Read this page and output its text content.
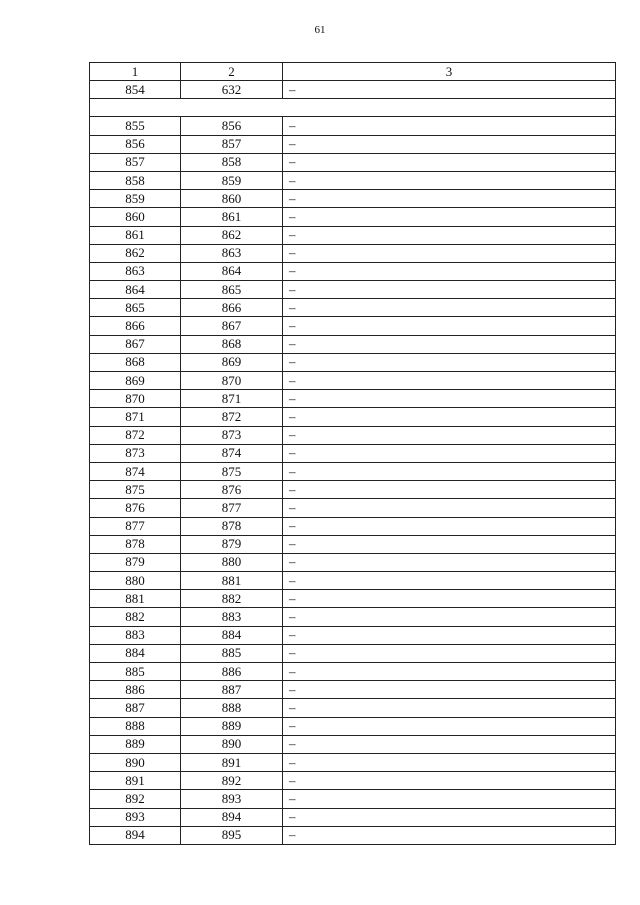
61
1	2	3
854	632	–

855	856	–
856	857	–
857	858	–
858	859	–
859	860	–
860	861	–
861	862	–
862	863	–
863	864	–
864	865	–
865	866	–
866	867	–
867	868	–
868	869	–
869	870	–
870	871	–
871	872	–
872	873	–
873	874	–
874	875	–
875	876	–
876	877	–
877	878	–
878	879	–
879	880	–
880	881	–
881	882	–
882	883	–
883	884	–
884	885	–
885	886	–
886	887	–
887	888	–
888	889	–
889	890	–
890	891	–
891	892	–
892	893	–
893	894	–
894	895	–
